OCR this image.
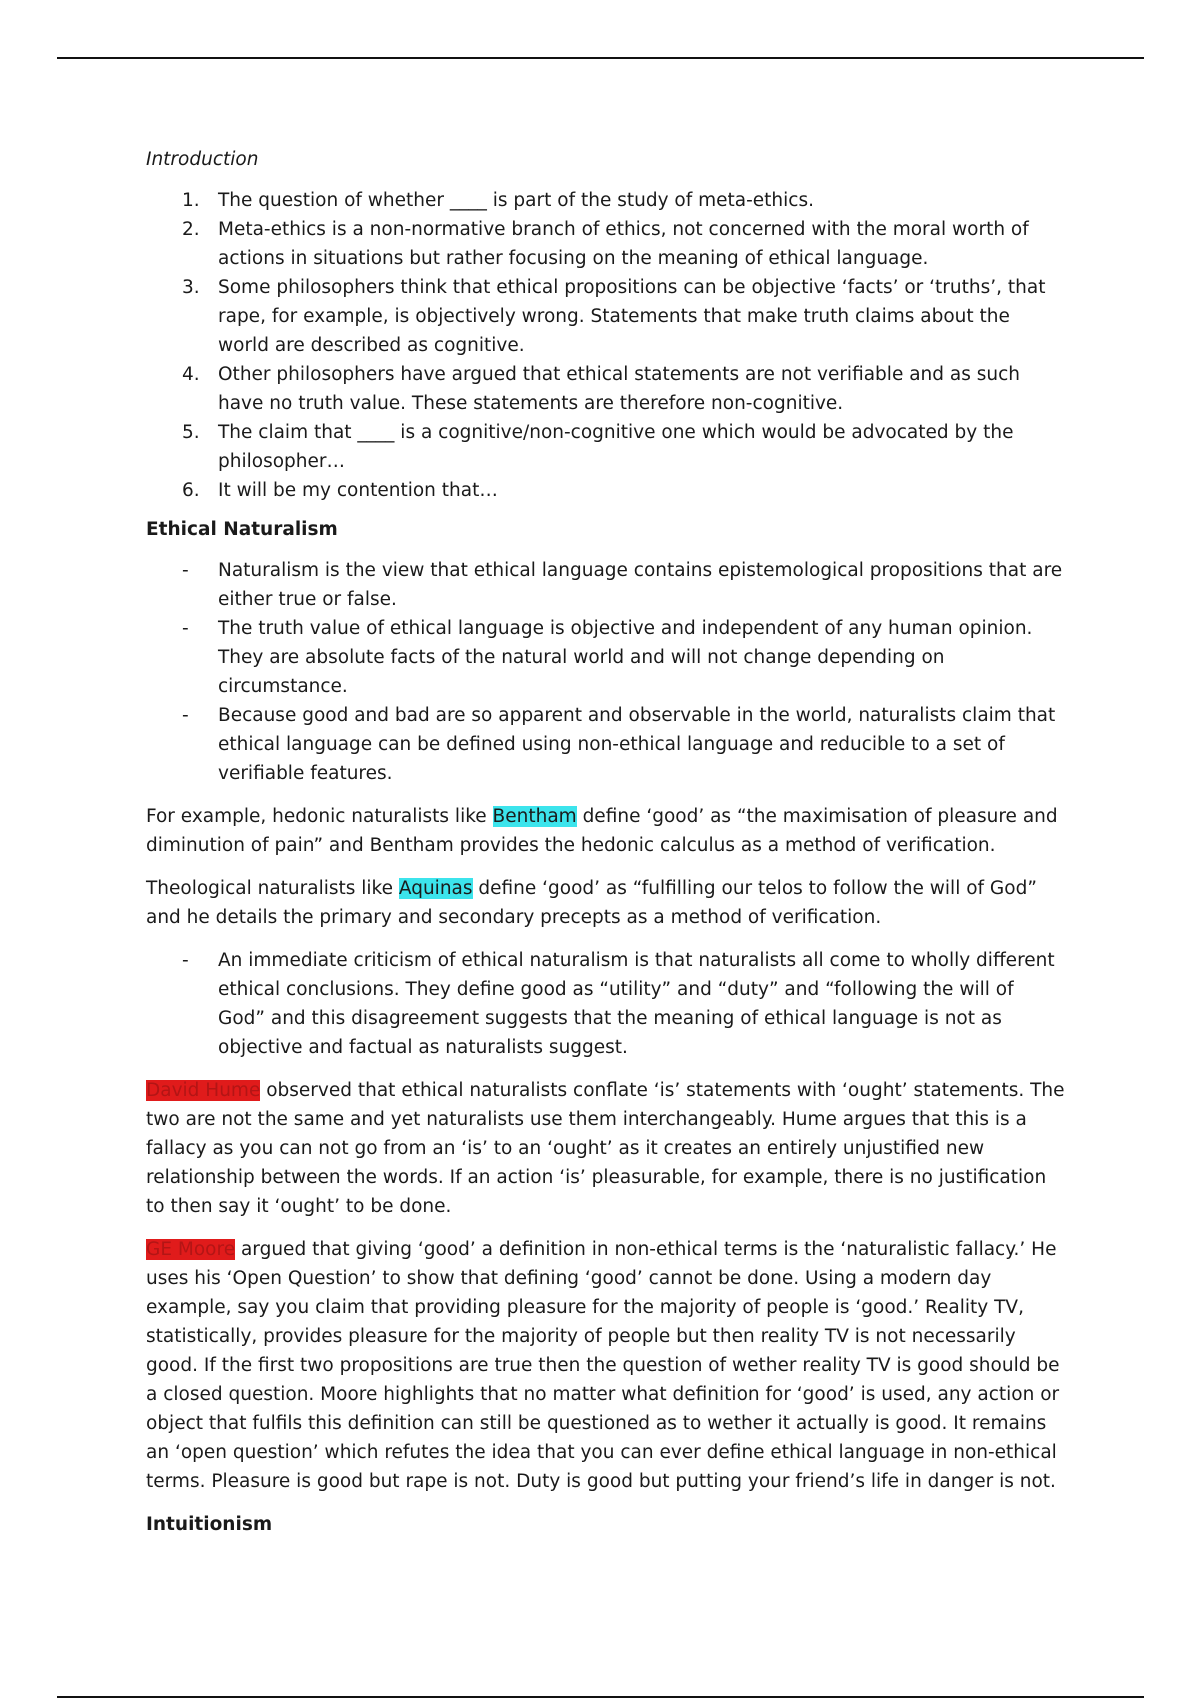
Introduction
1. The question of whether ____ is part of the study of meta-ethics.
2. Meta-ethics is a non-normative branch of ethics, not concerned with the moral worth of actions in situations but rather focusing on the meaning of ethical language.
3. Some philosophers think that ethical propositions can be objective ‘facts’ or ‘truths’, that rape, for example, is objectively wrong. Statements that make truth claims about the world are described as cognitive.
4. Other philosophers have argued that ethical statements are not verifiable and as such have no truth value. These statements are therefore non-cognitive.
5. The claim that ____ is a cognitive/non-cognitive one which would be advocated by the philosopher…
6. It will be my contention that…
Ethical Naturalism
- Naturalism is the view that ethical language contains epistemological propositions that are either true or false.
- The truth value of ethical language is objective and independent of any human opinion. They are absolute facts of the natural world and will not change depending on circumstance.
- Because good and bad are so apparent and observable in the world, naturalists claim that ethical language can be defined using non-ethical language and reducible to a set of verifiable features.

For example, hedonic naturalists like Bentham define ‘good’ as “the maximisation of pleasure and diminution of pain” and Bentham provides the hedonic calculus as a method of verification.

Theological naturalists like Aquinas define ‘good’ as “fulfilling our telos to follow the will of God” and he details the primary and secondary precepts as a method of verification.

- An immediate criticism of ethical naturalism is that naturalists all come to wholly different ethical conclusions. They define good as “utility” and “duty” and “following the will of God” and this disagreement suggests that the meaning of ethical language is not as objective and factual as naturalists suggest.

David Hume observed that ethical naturalists conflate ‘is’ statements with ‘ought’ statements. The two are not the same and yet naturalists use them interchangeably. Hume argues that this is a fallacy as you can not go from an ‘is’ to an ‘ought’ as it creates an entirely unjustified new relationship between the words. If an action ‘is’ pleasurable, for example, there is no justification to then say it ‘ought’ to be done.

GE Moore argued that giving ‘good’ a definition in non-ethical terms is the ‘naturalistic fallacy.’ He uses his ‘Open Question’ to show that defining ‘good’ cannot be done. Using a modern day example, say you claim that providing pleasure for the majority of people is ‘good.’ Reality TV, statistically, provides pleasure for the majority of people but then reality TV is not necessarily good. If the first two propositions are true then the question of wether reality TV is good should be a closed question. Moore highlights that no matter what definition for ‘good’ is used, any action or object that fulfils this definition can still be questioned as to wether it actually is good. It remains an ‘open question’ which refutes the idea that you can ever define ethical language in non-ethical terms. Pleasure is good but rape is not. Duty is good but putting your friend’s life in danger is not.

Intuitionism
